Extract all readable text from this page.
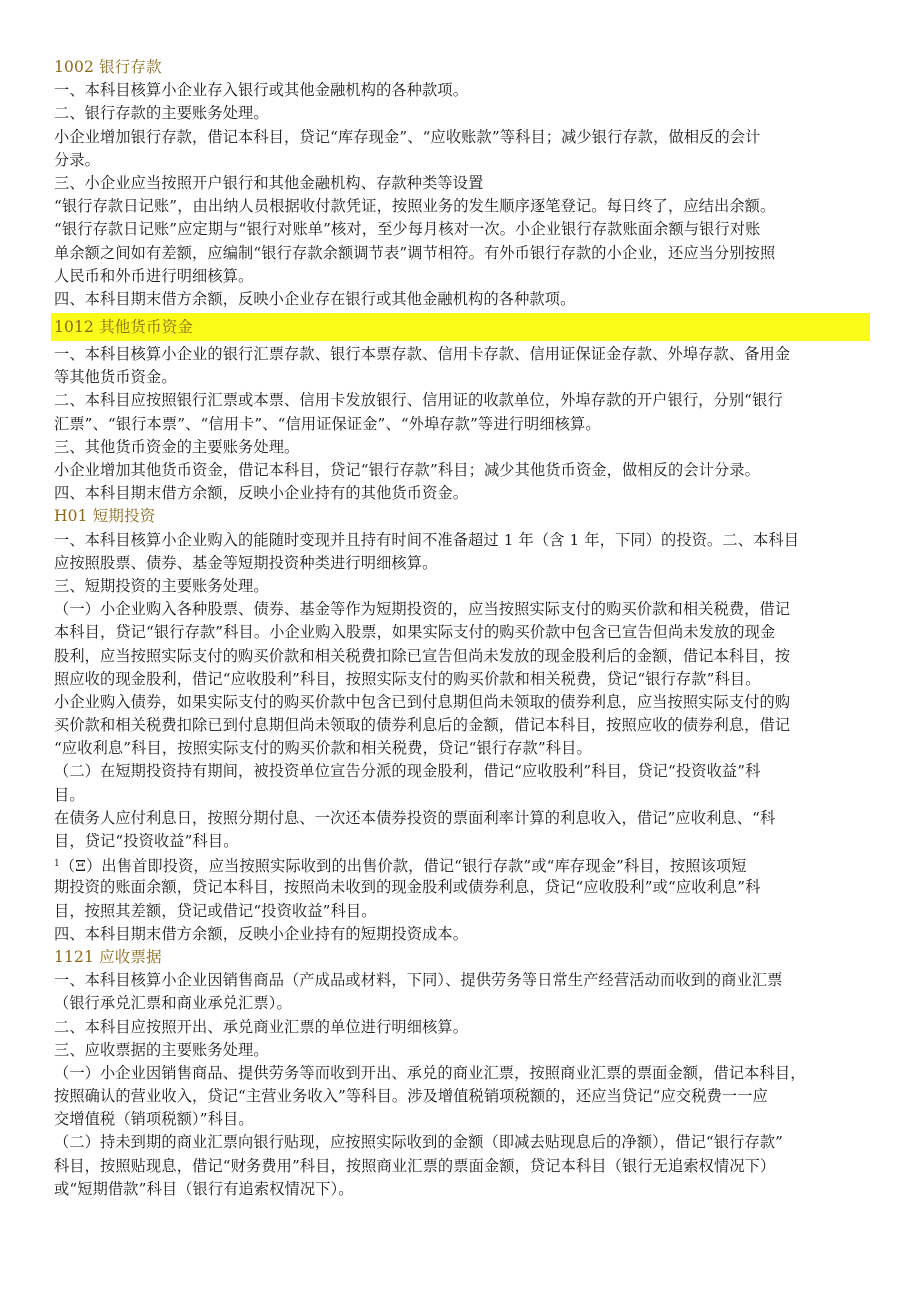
1002 银行存款
一、本科目核算小企业存入银行或其他金融机构的各种款项。
二、银行存款的主要账务处理。
小企业增加银行存款，借记本科目，贷记“库存现金”、“应收账款”等科目；减少银行存款，做相反的会计
分录。
三、小企业应当按照开户银行和其他金融机构、存款种类等设置
“银行存款日记账”，由出纳人员根据收付款凭证，按照业务的发生顺序逐笔登记。每日终了，应结出余额。
“银行存款日记账”应定期与“银行对账单”核对，至少每月核对一次。小企业银行存款账面余额与银行对账
单余额之间如有差额，应编制“银行存款余额调节表”调节相符。有外币银行存款的小企业，还应当分别按照
人民币和外币进行明细核算。
四、本科目期末借方余额，反映小企业存在银行或其他金融机构的各种款项。
1012 其他货币资金
一、本科目核算小企业的银行汇票存款、银行本票存款、信用卡存款、信用证保证金存款、外埠存款、备用金
等其他货币资金。
二、本科目应按照银行汇票或本票、信用卡发放银行、信用证的收款单位，外埠存款的开户银行，分别“银行
汇票”、“银行本票”、“信用卡”、“信用证保证金”、“外埠存款”等进行明细核算。
三、其他货币资金的主要账务处理。
小企业增加其他货币资金，借记本科目，贷记“银行存款”科目；减少其他货币资金，做相反的会计分录。
四、本科目期末借方余额，反映小企业持有的其他货币资金。
H01 短期投资
一、本科目核算小企业购入的能随时变现并且持有时间不准备超过 1 年（含 1 年，下同）的投资。二、本科目
应按照股票、债券、基金等短期投资种类进行明细核算。
三、短期投资的主要账务处理。
（一）小企业购入各种股票、债券、基金等作为短期投资的，应当按照实际支付的购买价款和相关税费，借记
本科目，贷记“银行存款”科目。小企业购入股票，如果实际支付的购买价款中包含已宣告但尚未发放的现金
股利，应当按照实际支付的购买价款和相关税费扣除已宣告但尚未发放的现金股利后的金额，借记本科目，按
照应收的现金股利，借记“应收股利”科目，按照实际支付的购买价款和相关税费，贷记“银行存款”科目。
小企业购入债券，如果实际支付的购买价款中包含已到付息期但尚未领取的债券利息，应当按照实际支付的购
买价款和相关税费扣除已到付息期但尚未领取的债券利息后的金额，借记本科目，按照应收的债券利息，借记
“应收利息”科目，按照实际支付的购买价款和相关税费，贷记“银行存款”科目。
（二）在短期投资持有期间，被投资单位宣告分派的现金股利，借记“应收股利”科目，贷记“投资收益”科
目。
在债务人应付利息日，按照分期付息、一次还本债券投资的票面利率计算的利息收入，借记”应收利息、“科
目，贷记“投资收益”科目。
$^1$（Ξ）出售首即投资，应当按照实际收到的出售价款，借记“银行存款”或“库存现金”科目，按照该项短
期投资的账面余额，贷记本科目，按照尚未收到的现金股利或债券利息，贷记“应收股利”或“应收利息”科
目，按照其差额，贷记或借记“投资收益”科目。
四、本科目期末借方余额，反映小企业持有的短期投资成本。
1121 应收票据
一、本科目核算小企业因销售商品（产成品或材料，下同）、提供劳务等日常生产经营活动而收到的商业汇票
（银行承兑汇票和商业承兑汇票）。
二、本科目应按照开出、承兑商业汇票的单位进行明细核算。
三、应收票据的主要账务处理。
（一）小企业因销售商品、提供劳务等而收到开出、承兑的商业汇票，按照商业汇票的票面金额，借记本科目，
按照确认的营业收入，贷记“主营业务收入”等科目。涉及增值税销项税额的，还应当贷记“应交税费一一应
交增值税（销项税额）”科目。
（二）持未到期的商业汇票向银行贴现，应按照实际收到的金额（即减去贴现息后的净额），借记“银行存款”
科目，按照贴现息，借记“财务费用”科目，按照商业汇票的票面金额，贷记本科目（银行无追索权情况下）
或“短期借款”科目（银行有追索权情况下）。
